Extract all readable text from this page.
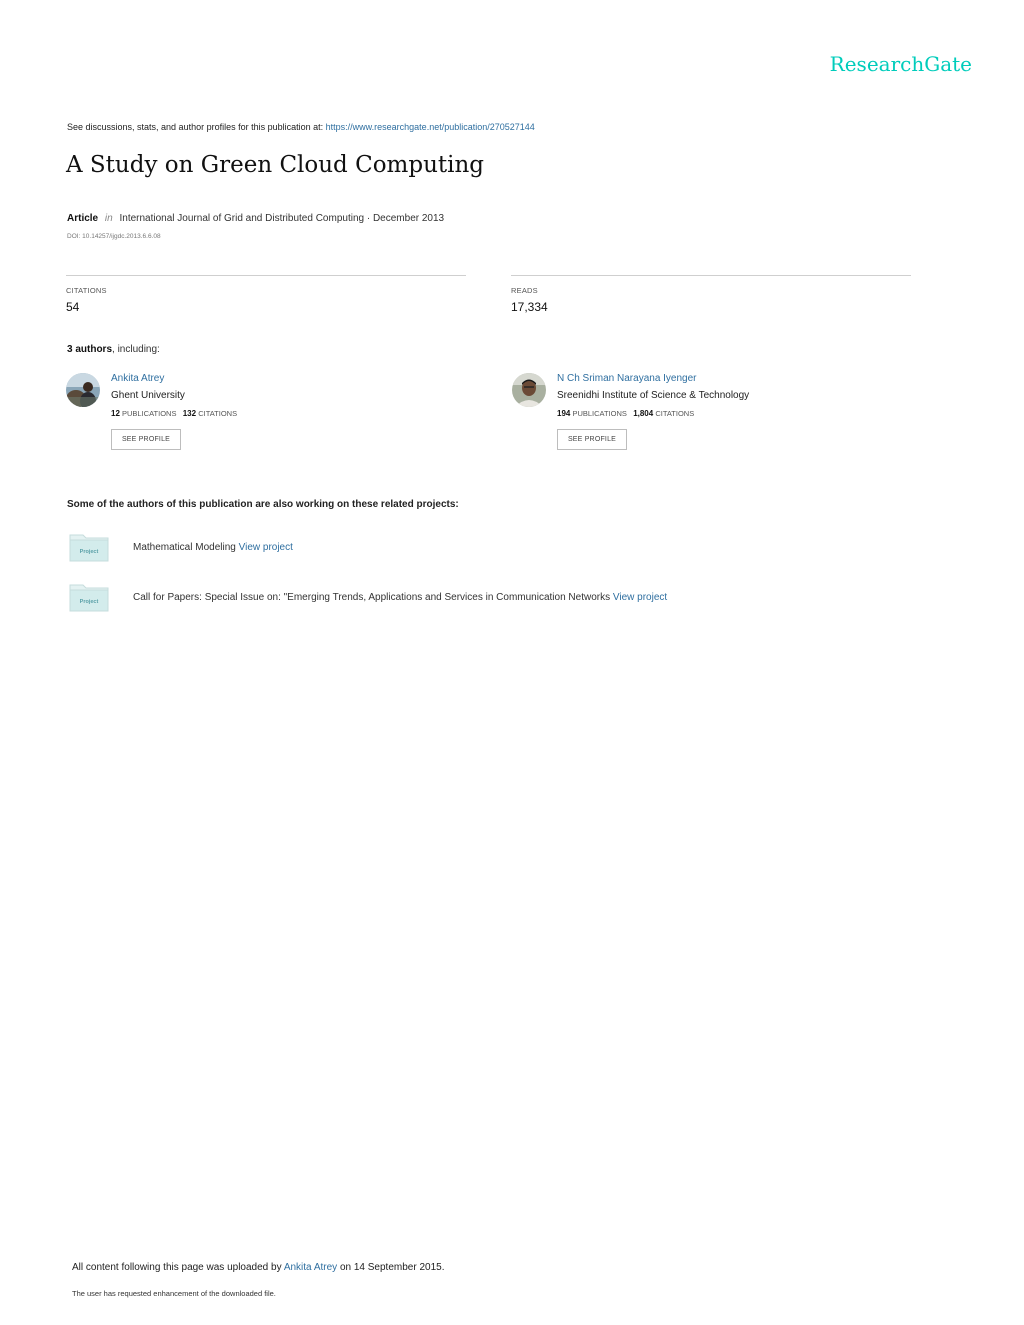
ResearchGate
See discussions, stats, and author profiles for this publication at: https://www.researchgate.net/publication/270527144
A Study on Green Cloud Computing
Article in International Journal of Grid and Distributed Computing · December 2013
DOI: 10.14257/ijgdc.2013.6.6.08
CITATIONS
54
READS
17,334
3 authors, including:
Ankita Atrey
Ghent University
12 PUBLICATIONS 132 CITATIONS
SEE PROFILE
N Ch Sriman Narayana Iyenger
Sreenidhi Institute of Science & Technology
194 PUBLICATIONS 1,804 CITATIONS
SEE PROFILE
Some of the authors of this publication are also working on these related projects:
Project	Mathematical Modeling View project
Project	Call for Papers: Special Issue on: "Emerging Trends, Applications and Services in Communication Networks View project
All content following this page was uploaded by Ankita Atrey on 14 September 2015.
The user has requested enhancement of the downloaded file.
